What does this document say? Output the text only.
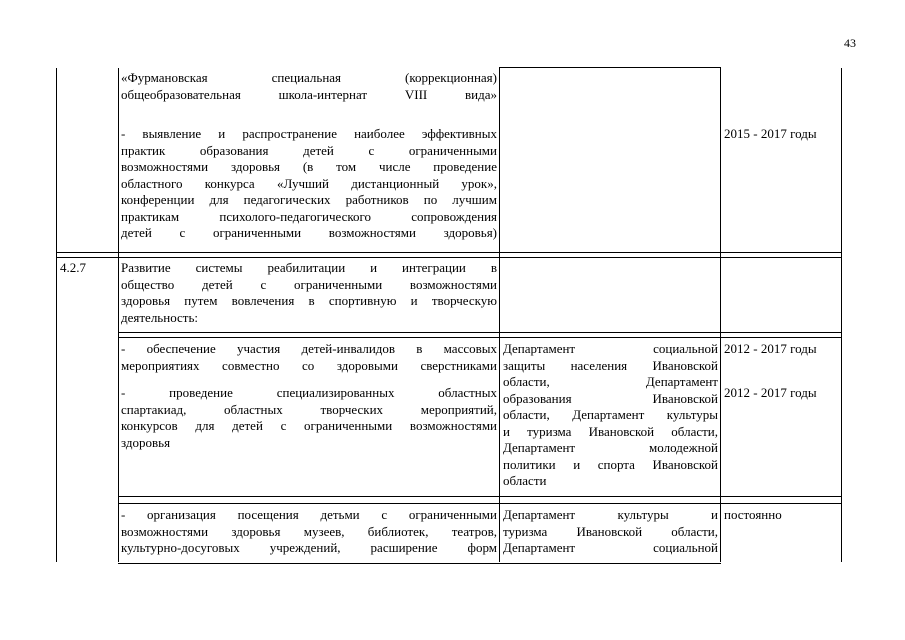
43

«Фурмановская специальная (коррекционная)

общеобразовательная школа-интернат VIII вида»

- выявление и распространение наиболее эффективных

практик образования детей с ограниченными

возможностями здоровья (в том числе проведение

областного конкурса «Лучший дистанционный урок»,

конференции для педагогических работников по лучшим

практикам психолого-педагогического сопровождения

детей с ограниченными возможностями здоровья)

2015 - 2017 годы
4.2.7	Развитие системы реабилитации и интеграции в

общество детей с ограниченными возможностями

здоровья путем вовлечения в спортивную и творческую

деятельность:

- обеспечение участия детей-инвалидов в массовых

мероприятиях совместно со здоровыми сверстниками

- проведение специализированных областных

спартакиад, областных творческих мероприятий,

конкурсов для детей с ограниченными возможностями

здоровья

Департамент социальной

защиты населения Ивановской

области, Департамент

образования Ивановской

области, Департамент культуры

и туризма Ивановской области,

Департамент молодежной

политики и спорта Ивановской

области

2012 - 2017 годы
2012 - 2017 годы

- организация посещения детьми с ограниченными

возможностями здоровья музеев, библиотек, театров,

культурно-досуговых учреждений, расширение форм

Департамент культуры и

туризма Ивановской области,

Департамент социальной

постоянно
